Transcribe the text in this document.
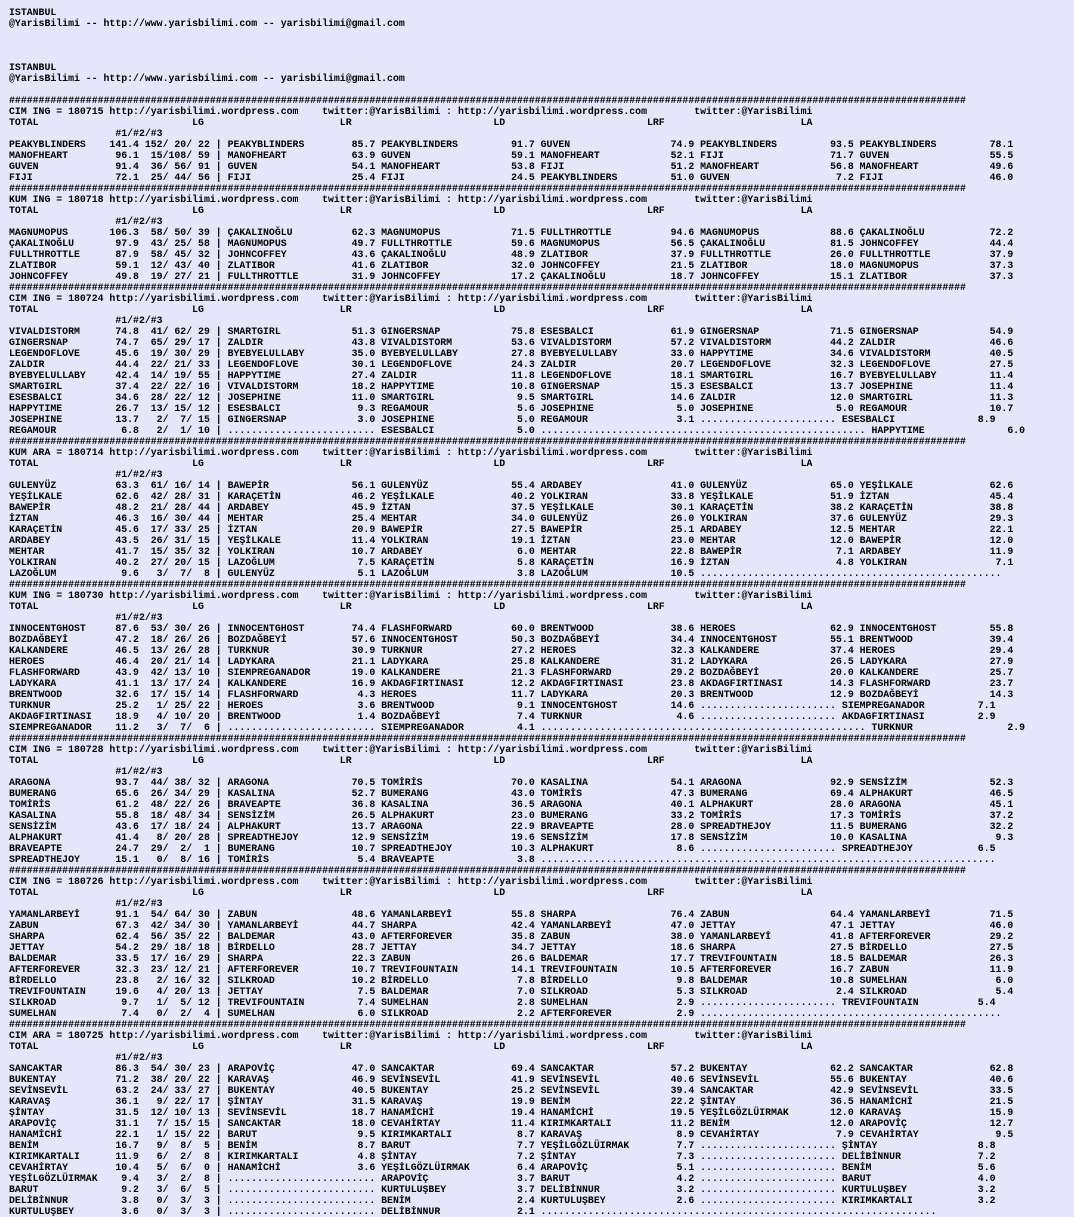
ISTANBUL
@YarisBilimi -- http://www.yarisbilimi.com -- yarisbilimi@gmail.com

ISTANBUL
@YarisBilimi -- http://www.yarisbilimi.com -- yarisbilimi@gmail.com

##################################################################################################################################################################
CIM ING = 180715 http://yarisbilimi.wordpress.com    twitter:@YarisBilimi : http://yarisbilimi.wordpress.com        twitter:@YarisBilimi
TOTAL                          LG                       LR                        LD                        LRF                       LA
#1/#2/#3
PEAKYBLINDERS    141.4 152/ 20/ 22 | PEAKYBLINDERS        85.7 PEAKYBLINDERS         91.7 GUVEN                 74.9 PEAKYBLINDERS         93.5 PEAKYBLINDERS         78.1
MANOFHEART        96.1  15/108/ 59 | MANOFHEART           63.9 GUVEN                 59.1 MANOFHEART            52.1 FIJI                  71.7 GUVEN                 55.5
GUVEN             91.4  36/ 56/ 91 | GUVEN                54.1 MANOFHEART            53.8 FIJI                  51.2 MANOFHEART            56.8 MANOFHEART            49.6
FIJI              72.1  25/ 44/ 56 | FIJI                 25.4 FIJI                  24.5 PEAKYBLINDERS         51.0 GUVEN                  7.2 FIJI                  46.0
##################################################################################################################################################################
KUM ING = 180718 http://yarisbilimi.wordpress.com    twitter:@YarisBilimi : http://yarisbilimi.wordpress.com        twitter:@YarisBilimi
TOTAL                          LG                       LR                        LD                        LRF                       LA
#1/#2/#3
MAGNUMOPUS       106.3  58/ 50/ 39 | ÇAKALINOĞLU          62.3 MAGNUMOPUS            71.5 FULLTHROTTLE          94.6 MAGNUMOPUS            88.6 ÇAKALINOĞLU           72.2
ÇAKALINOĞLU       97.9  43/ 25/ 58 | MAGNUMOPUS           49.7 FULLTHROTTLE          59.6 MAGNUMOPUS            56.5 ÇAKALINOĞLU           81.5 JOHNCOFFEY            44.4
FULLTHROTTLE      87.9  58/ 45/ 32 | JOHNCOFFEY           43.6 ÇAKALINOĞLU           48.9 ZLATIBOR              37.9 FULLTHROTTLE          26.0 FULLTHROTTLE          37.9
ZLATIBOR          59.1  12/ 43/ 40 | ZLATIBOR             41.6 ZLATIBOR              32.0 JOHNCOFFEY            21.5 ZLATIBOR              18.0 MAGNUMOPUS            37.3
JOHNCOFFEY        49.8  19/ 27/ 21 | FULLTHROTTLE         31.9 JOHNCOFFEY            17.2 ÇAKALINOĞLU           18.7 JOHNCOFFEY            15.1 ZLATIBOR              37.3
##################################################################################################################################################################
CIM ING = 180724 http://yarisbilimi.wordpress.com    twitter:@YarisBilimi : http://yarisbilimi.wordpress.com        twitter:@YarisBilimi
TOTAL                          LG                       LR                        LD                        LRF                       LA
#1/#2/#3
VIVALDISTORM      74.8  41/ 62/ 29 | SMARTGIRL            51.3 GINGERSNAP            75.8 ESESBALCI             61.9 GINGERSNAP            71.5 GINGERSNAP            54.9
GINGERSNAP        74.7  65/ 29/ 17 | ZALDIR               43.8 VIVALDISTORM          53.6 VIVALDISTORM          57.2 VIVALDISTORM          44.2 ZALDIR                46.6
LEGENDOFLOVE      45.6  19/ 30/ 29 | BYEBYELULLABY        35.0 BYEBYELULLABY         27.8 BYEBYELULLABY         33.0 HAPPYTIME             34.6 VIVALDISTORM          40.5
ZALDIR            44.4  22/ 21/ 33 | LEGENDOFLOVE         30.1 LEGENDOFLOVE          24.3 ZALDIR                20.7 LEGENDOFLOVE          32.3 LEGENDOFLOVE          27.5
BYEBYELULLABY     42.4  14/ 19/ 55 | HAPPYTIME            27.4 ZALDIR                11.8 LEGENDOFLOVE          18.1 SMARTGIRL             16.7 BYEBYELULLABY         11.4
SMARTGIRL         37.4  22/ 22/ 16 | VIVALDISTORM         18.2 HAPPYTIME             10.8 GINGERSNAP            15.3 ESESBALCI             13.7 JOSEPHINE             11.4
ESESBALCI         34.6  28/ 22/ 12 | JOSEPHINE            11.0 SMARTGIRL              9.5 SMARTGIRL             14.6 ZALDIR                12.0 SMARTGIRL             11.3
HAPPYTIME         26.7  13/ 15/ 12 | ESESBALCI             9.3 REGAMOUR               5.6 JOSEPHINE              5.0 JOSEPHINE              5.0 REGAMOUR              10.7
JOSEPHINE         13.7   2/  7/ 15 | GINGERSNAP            3.0 JOSEPHINE              5.0 REGAMOUR               3.1 ....................... ESESBALCI              8.9
REGAMOUR           6.8   2/  1/ 10 | ......................... ESESBALCI              5.0 ....................................................... HAPPYTIME              6.0
##################################################################################################################################################################
KUM ARA = 180714 http://yarisbilimi.wordpress.com    twitter:@YarisBilimi : http://yarisbilimi.wordpress.com        twitter:@YarisBilimi
TOTAL                          LG                       LR                        LD                        LRF                       LA
#1/#2/#3
GULENYÜZ          63.3  61/ 16/ 14 | BAWEPİR              56.1 GULENYÜZ              55.4 ARDABEY               41.0 GULENYÜZ              65.0 YEŞİLKALE             62.6
YEŞİLKALE         62.6  42/ 28/ 31 | KARAÇETİN            46.2 YEŞİLKALE             40.2 YOLKIRAN              33.8 YEŞİLKALE             51.9 İZTAN                 45.4
BAWEPİR           48.2  21/ 28/ 44 | ARDABEY              45.9 İZTAN                 37.5 YEŞİLKALE             30.1 KARAÇETİN             38.2 KARAÇETİN             38.8
İZTAN             46.3  16/ 30/ 44 | MEHTAR               25.4 MEHTAR                34.0 GULENYÜZ              26.0 YOLKIRAN              37.6 GULENYÜZ              29.3
KARAÇETİN         45.6  17/ 33/ 25 | İZTAN                20.9 BAWEPİR               27.5 BAWEPİR               25.1 ARDABEY               12.5 MEHTAR                22.1
ARDABEY           43.5  26/ 31/ 15 | YEŞİLKALE            11.4 YOLKIRAN              19.1 İZTAN                 23.0 MEHTAR                12.0 BAWEPİR               12.0
MEHTAR            41.7  15/ 35/ 32 | YOLKIRAN             10.7 ARDABEY                6.0 MEHTAR                22.8 BAWEPİR                7.1 ARDABEY               11.9
YOLKIRAN          40.2  27/ 20/ 15 | LAZOĞLUM              7.5 KARAÇETİN              5.8 KARAÇETİN             16.9 İZTAN                  4.8 YOLKIRAN               7.1
LAZOĞLUM           9.6   3/  7/  8 | GULENYÜZ              5.1 LAZOĞLUM               3.8 LAZOĞLUM              10.5 ...................................................
##################################################################################################################################################################
KUM ING = 180730 http://yarisbilimi.wordpress.com    twitter:@YarisBilimi : http://yarisbilimi.wordpress.com        twitter:@YarisBilimi
TOTAL                          LG                       LR                        LD                        LRF                       LA
#1/#2/#3
INNOCENTGHOST     87.6  53/ 30/ 26 | INNOCENTGHOST        74.4 FLASHFORWARD          60.0 BRENTWOOD             38.6 HEROES                62.9 INNOCENTGHOST         55.8
BOZDAĞBEYİ        47.2  18/ 26/ 26 | BOZDAĞBEYİ           57.6 INNOCENTGHOST         50.3 BOZDAĞBEYİ            34.4 INNOCENTGHOST         55.1 BRENTWOOD             39.4
KALKANDERE        46.5  13/ 26/ 28 | TURKNUR              30.9 TURKNUR               27.2 HEROES                32.3 KALKANDERE            37.4 HEROES                29.4
HEROES            46.4  20/ 21/ 14 | LADYKARA             21.1 LADYKARA              25.8 KALKANDERE            31.2 LADYKARA              26.5 LADYKARA              27.9
FLASHFORWARD      43.9  42/ 13/ 10 | SIEMPREGANADOR       19.0 KALKANDERE            21.3 FLASHFORWARD          29.2 BOZDAĞBEYİ            20.0 KALKANDERE            25.7
LADYKARA          41.1  13/ 17/ 24 | KALKANDERE           16.9 AKDAGFIRTINASI        12.2 AKDAGFIRTINASI        23.8 AKDAGFIRTINASI        14.3 FLASHFORWARD          23.7
BRENTWOOD         32.6  17/ 15/ 14 | FLASHFORWARD          4.3 HEROES                11.7 LADYKARA              20.3 BRENTWOOD             12.9 BOZDAĞBEYİ            14.3
TURKNUR           25.2   1/ 25/ 22 | HEROES                3.6 BRENTWOOD              9.1 INNOCENTGHOST         14.6 ....................... SIEMPREGANADOR         7.1
AKDAGFIRTINASI    18.9   4/ 10/ 20 | BRENTWOOD             1.4 BOZDAĞBEYİ             7.4 TURKNUR                4.6 ....................... AKDAGFIRTINASI         2.9
SIEMPREGANADOR    11.2   3/  7/  6 | ......................... SIEMPREGANADOR         4.1 ....................................................... TURKNUR                2.9
##################################################################################################################################################################
CIM ING = 180728 http://yarisbilimi.wordpress.com    twitter:@YarisBilimi : http://yarisbilimi.wordpress.com        twitter:@YarisBilimi
TOTAL                          LG                       LR                        LD                        LRF                       LA
#1/#2/#3
ARAGONA           93.7  44/ 38/ 32 | ARAGONA              70.5 TOMİRİS               70.0 KASALINA              54.1 ARAGONA               92.9 SENSİZİM              52.3
BUMERANG          65.6  26/ 34/ 29 | KASALINA             52.7 BUMERANG              43.0 TOMİRİS               47.3 BUMERANG              69.4 ALPHAKURT             46.5
TOMİRİS           61.2  48/ 22/ 26 | BRAVEAPTE            36.8 KASALINA              36.5 ARAGONA               40.1 ALPHAKURT             28.0 ARAGONA               45.1
KASALINA          55.8  18/ 48/ 34 | SENSİZİM             26.5 ALPHAKURT             23.0 BUMERANG              33.2 TOMİRİS               17.3 TOMİRİS               37.2
SENSİZİM          43.6  17/ 18/ 24 | ALPHAKURT            13.7 ARAGONA               22.9 BRAVEAPTE             28.0 SPREADTHEJOY          11.5 BUMERANG              32.2
ALPHAKURT         41.4   8/ 20/ 28 | SPREADTHEJOY         12.9 SENSİZİM              19.6 SENSİZİM              17.8 SENSİZİM              10.0 KASALINA               9.3
BRAVEAPTE         24.7  29/  2/  1 | BUMERANG             10.7 SPREADTHEJOY          10.3 ALPHAKURT              8.6 ....................... SPREADTHEJOY           6.5
SPREADTHEJOY      15.1   0/  8/ 16 | TOMİRİS               5.4 BRAVEAPTE              3.8 .............................................................................
##################################################################################################################################################################
CIM ING = 180726 http://yarisbilimi.wordpress.com    twitter:@YarisBilimi : http://yarisbilimi.wordpress.com        twitter:@YarisBilimi
TOTAL                          LG                       LR                        LD                        LRF                       LA
#1/#2/#3
YAMANLARBEYİ      91.1  54/ 64/ 30 | ZABUN                48.6 YAMANLARBEYİ          55.8 SHARPA                76.4 ZABUN                 64.4 YAMANLARBEYİ          71.5
ZABUN             67.3  42/ 34/ 30 | YAMANLARBEYİ         44.7 SHARPA                42.4 YAMANLARBEYİ          47.0 JETTAY                47.1 JETTAY                46.0
SHARPA            62.4  56/ 35/ 22 | BALDEMAR             43.0 AFTERFOREVER          35.8 ZABUN                 38.0 YAMANLARBEYİ          41.8 AFTERFOREVER          29.2
JETTAY            54.2  29/ 18/ 18 | BİRDELLO             28.7 JETTAY                34.7 JETTAY                18.6 SHARPA                27.5 BİRDELLO              27.5
BALDEMAR          33.5  17/ 16/ 29 | SHARPA               22.3 ZABUN                 26.6 BALDEMAR              17.7 TREVIFOUNTAIN         18.5 BALDEMAR              26.3
AFTERFOREVER      32.3  23/ 12/ 21 | AFTERFOREVER         10.7 TREVIFOUNTAIN         14.1 TREVIFOUNTAIN         10.5 AFTERFOREVER          16.7 ZABUN                 11.9
BİRDELLO          23.8   2/ 16/ 32 | SILKROAD             10.2 BİRDELLO               7.8 BİRDELLO               9.8 BALDEMAR              10.8 SUMELHAN               6.0
TREVIFOUNTAIN     19.6   4/ 20/ 13 | JETTAY                7.5 BALDEMAR               7.0 SILKROAD               5.3 SILKROAD               2.4 SILKROAD               5.4
SILKROAD           9.7   1/  5/ 12 | TREVIFOUNTAIN         7.4 SUMELHAN               2.8 SUMELHAN               2.9 ....................... TREVIFOUNTAIN          5.4
SUMELHAN           7.4   0/  2/  4 | SUMELHAN              6.0 SILKROAD               2.2 AFTERFOREVER           2.9 ...................................................
##################################################################################################################################################################
CIM ARA = 180725 http://yarisbilimi.wordpress.com    twitter:@YarisBilimi : http://yarisbilimi.wordpress.com        twitter:@YarisBilimi
TOTAL                          LG                       LR                        LD                        LRF                       LA
#1/#2/#3
SANCAKTAR         86.3  54/ 30/ 23 | ARAPOVİÇ             47.0 SANCAKTAR             69.4 SANCAKTAR             57.2 BUKENTAY              62.2 SANCAKTAR             62.8
BUKENTAY          71.2  38/ 20/ 22 | KARAVAŞ              46.9 SEVİNSEVİL            41.9 SEVİNSEVİL            40.6 SEVİNSEVİL            55.6 BUKENTAY              40.6
SEVİNSEVİL        63.2  24/ 33/ 27 | BUKENTAY             40.5 BUKENTAY              25.2 SEVİNSEVİL            39.4 SANCAKTAR             42.9 SEVİNSEVİL            33.5
KARAVAŞ           36.1   9/ 22/ 17 | ŞİNTAY               31.5 KARAVAŞ               19.9 BENİM                 22.2 ŞİNTAY                36.5 HANAMİCHİ             21.5
ŞİNTAY            31.5  12/ 10/ 13 | SEVİNSEVİL           18.7 HANAMİCHİ             19.4 HANAMİCHİ             19.5 YEŞİLGÖZLÜIRMAK       12.0 KARAVAŞ               15.9
ARAPOVİÇ          31.1   7/ 15/ 15 | SANCAKTAR            18.0 CEVAHİRTAY            11.4 KIRIMKARTALI          11.2 BENİM                 12.0 ARAPOVİÇ              12.7
HANAMİCHİ         22.1   1/ 15/ 22 | BARUT                 9.5 KIRIMKARTALI           8.7 KARAVAŞ                8.9 CEVAHİRTAY             7.9 CEVAHİRTAY             9.5
BENİM             16.7   9/  8/  5 | BENİM                 8.7 BARUT                  7.7 YEŞİLGÖZLÜIRMAK        7.7 ....................... ŞİNTAY                 8.8
KIRIMKARTALI      11.9   6/  2/  8 | KIRIMKARTALI          4.8 ŞİNTAY                 7.2 ŞİNTAY                 7.3 ....................... DELİBİNNUR             7.2
CEVAHİRTAY        10.4   5/  6/  0 | HANAMİCHİ             3.6 YEŞİLGÖZLÜIRMAK        6.4 ARAPOVİÇ               5.1 ....................... BENİM                  5.6
YEŞİLGÖZLÜIRMAK    9.4   3/  2/  8 | ......................... ARAPOVİÇ               3.7 BARUT                  4.2 ....................... BARUT                  4.0
BARUT              9.2   3/  6/  5 | ......................... KURTULUŞBEY            3.7 DELİBİNNUR             3.2 ....................... KURTULUŞBEY            3.2
DELİBİNNUR         3.8   0/  3/  3 | ......................... BENİM                  2.4 KURTULUŞBEY            2.6 ....................... KIRIMKARTALI           3.2
KURTULUŞBEY        3.6   0/  3/  3 | ......................... DELİBİNNUR             2.1 ...................................................................
